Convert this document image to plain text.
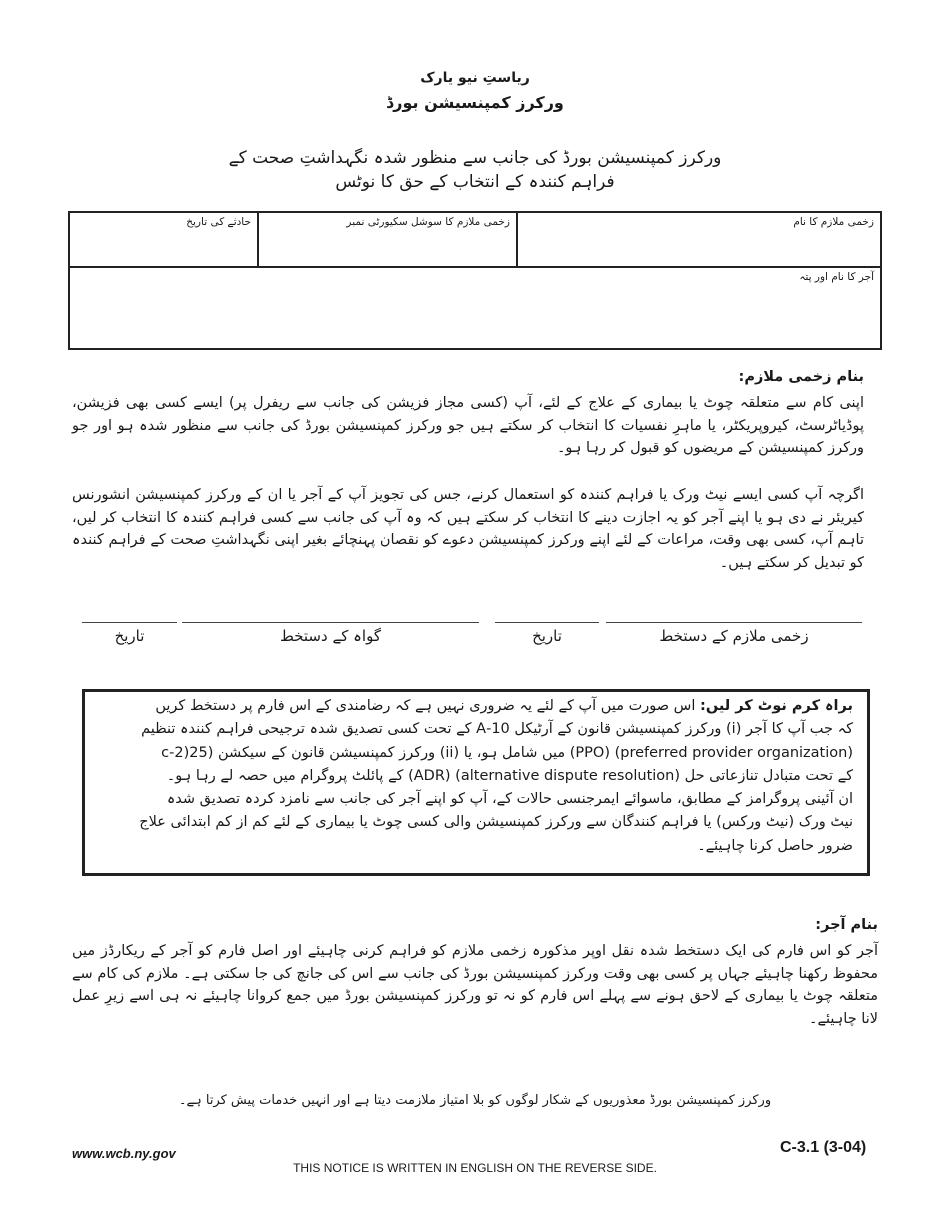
ریاستِ نیو یارک
ورکرز کمپنسیشن بورڈ
ورکرز کمپنسیشن بورڈ کی جانب سے منظور شدہ نگہداشتِ صحت کے
فراہم کنندہ کے انتخاب کے حق کا نوٹس
زخمی ملازم کا نام
زخمی ملازم کا سوشل سکیورٹی نمبر
حادثے کی تاریخ
آجر کا نام اور پتہ
بنام زخمی ملازم:
اپنی کام سے متعلقہ چوٹ یا بیماری کے علاج کے لئے، آپ (کسی مجاز فزیشن کی جانب سے ریفرل پر) ایسے کسی بھی فزیشن، پوڈیاٹرسٹ، کیروپریکٹر، یا ماہرِ نفسیات کا انتخاب کر سکتے ہیں جو ورکرز کمپنسیشن بورڈ کی جانب سے منظور شدہ ہو اور جو ورکرز کمپنسیشن کے مریضوں کو قبول کر رہا ہو۔
اگرچہ آپ کسی ایسے نیٹ ورک یا فراہم کنندہ کو استعمال کرنے، جس کی تجویز آپ کے آجر یا ان کے ورکرز کمپنسیشن انشورنس کیریئر نے دی ہو یا اپنے آجر کو یہ اجازت دینے کا انتخاب کر سکتے ہیں کہ وہ آپ کی جانب سے کسی فراہم کنندہ کا انتخاب کر لیں، تاہم آپ، کسی بھی وقت، مراعات کے لئے اپنے ورکرز کمپنسیشن دعوے کو نقصان پہنچائے بغیر اپنی نگہداشتِ صحت کے فراہم کنندہ کو تبدیل کر سکتے ہیں۔
زخمی ملازم کے دستخط
تاریخ
گواہ کے دستخط
تاریخ
براہ کرم نوٹ کر لیں: اس صورت میں آپ کے لئے یہ ضروری نہیں ہے کہ رضامندی کے اس فارم پر دستخط کریں
کہ جب آپ کا آجر (i) ورکرز کمپنسیشن قانون کے آرٹیکل 10-A کے تحت کسی تصدیق شدہ ترجیحی فراہم کنندہ تنظیم
(preferred provider organization) (PPO) میں شامل ہو، یا (ii) ورکرز کمپنسیشن قانون کے سیکشن (25(2-c
کے تحت متبادل تنازعاتی حل (alternative dispute resolution) (ADR) کے پائلٹ پروگرام میں حصہ لے رہا ہو۔
ان آئینی پروگرامز کے مطابق، ماسوائے ایمرجنسی حالات کے، آپ کو اپنے آجر کی جانب سے نامزد کردہ تصدیق شدہ
نیٹ ورک (نیٹ ورکس) یا فراہم کنندگان سے ورکرز کمپنسیشن والی کسی چوٹ یا بیماری کے لئے کم از کم ابتدائی علاج
ضرور حاصل کرنا چاہیئے۔
بنام آجر:
آجر کو اس فارم کی ایک دستخط شدہ نقل اوپر مذکورہ زخمی ملازم کو فراہم کرنی چاہیئے اور اصل فارم کو آجر کے ریکارڈز میں محفوظ رکھنا چاہیئے جہاں پر کسی بھی وقت ورکرز کمپنسیشن بورڈ کی جانب سے اس کی جانچ کی جا سکتی ہے۔ ملازم کی کام سے متعلقہ چوٹ یا بیماری کے لاحق ہونے سے پہلے اس فارم کو نہ تو ورکرز کمپنسیشن بورڈ میں جمع کروانا چاہیئے نہ ہی اسے زیرِ عمل لانا چاہیئے۔
ورکرز کمپنسیشن بورڈ معذوریوں کے شکار لوگوں کو بلا امتیاز ملازمت دیتا ہے اور انہیں خدمات پیش کرتا ہے۔
www.wcb.ny.gov	C-3.1 (3-04)
THIS NOTICE IS WRITTEN IN ENGLISH ON THE REVERSE SIDE.
